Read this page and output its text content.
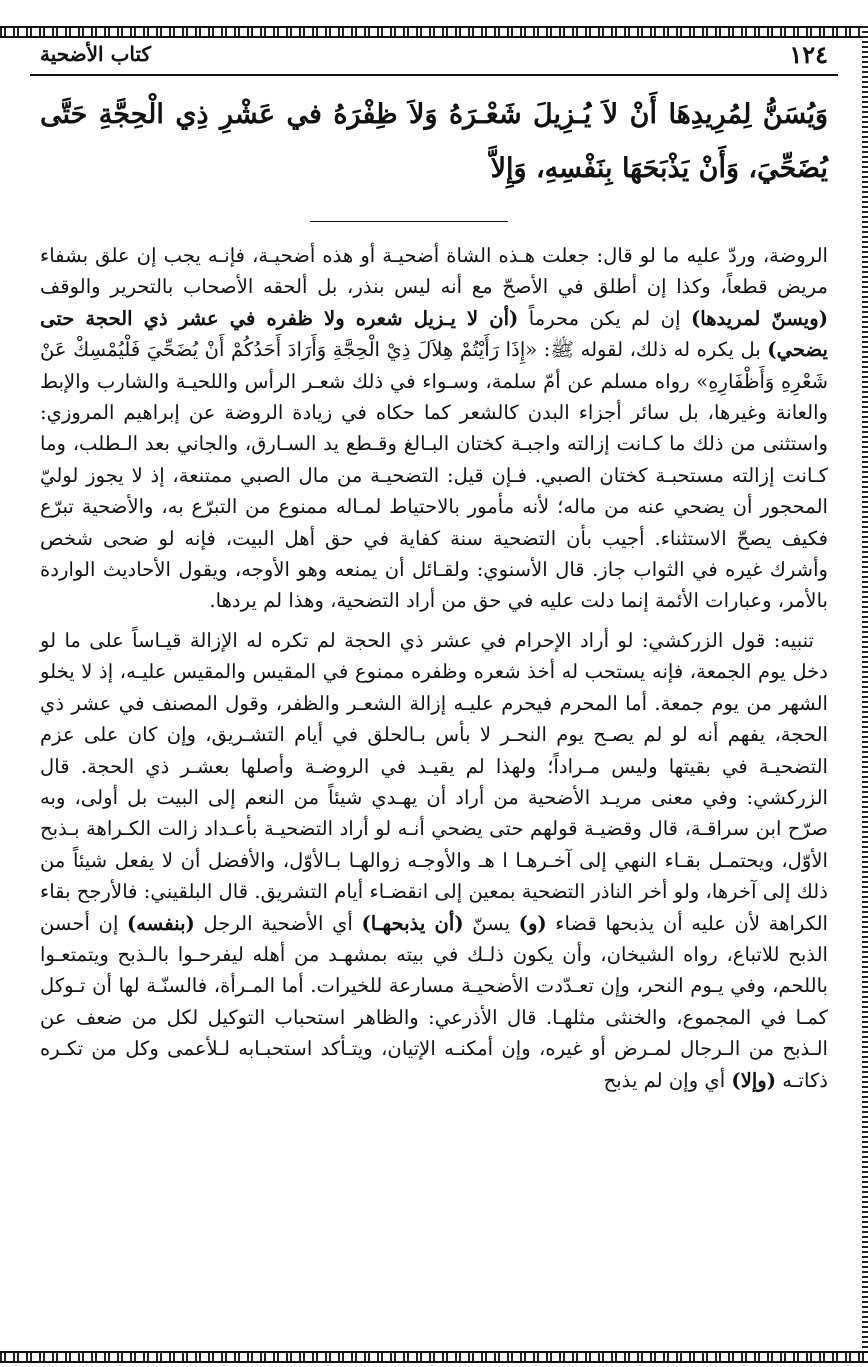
١٢٤
كتاب الأضحية
وَيُسَنُّ لِمُرِيدِهَا أَنْ لاَ يُـزِيلَ شَعْـرَهُ وَلاَ ظِفْرَهُ في عَشْرِ ذِي الْحِجَّةِ حَتَّى يُضَحِّيَ، وَأَنْ يَذْبَحَهَا بِنَفْسِهِ، وَإِلاَّ

الروضة، وردّ عليه ما لو قال: جعلت هـذه الشاة أضحيـة أو هذه أضحيـة، فإنـه يجب إن علق بشفاء مريض قطعاً، وكذا إن أطلق في الأصحّ مع أنه ليس بنذر، بل ألحقه الأصحاب بالتحرير والوقف (ويسنّ لمريدها) إن لم يكن محرماً (أن لا يـزيل شعره ولا ظفره في عشر ذي الحجة حتى يضحي) بل يكره له ذلك، لقوله ﷺ: «إِذَا رَأَيْتُمْ هِلاَلَ ذِيْ الْحِجَّةِ وَأَرَادَ أَحَدُكُمْ أَنْ يُضَحِّيَ فَلْيُمْسِكْ عَنْ شَعْرِهِ وَأَظْفَارِهِ» رواه مسلم عن أمّ سلمة، وسـواء في ذلك شعـر الرأس واللحيـة والشارب والإبط والعانة وغيرها، بل سائر أجزاء البدن كالشعر كما حكاه في زيادة الروضة عن إبراهيم المروزي: واستثنى من ذلك ما كـانت إزالته واجبـة كختان البـالغ وقـطع يد السـارق، والجاني بعد الـطلب، وما كـانت إزالته مستحبـة كختان الصبي. فـإن قيل: التضحيـة من مال الصبي ممتنعة، إذ لا يجوز لوليّ المحجور أن يضحي عنه من ماله؛ لأنه مأمور بالاحتياط لمـاله ممنوع من التبرّع به، والأضحية تبرّع فكيف يصحّ الاستثناء. أجيب بأن التضحية سنة كفاية في حق أهل البيت، فإنه لو ضحى شخص وأشرك غيره في الثواب جاز. قال الأسنوي: ولقـائل أن يمنعه وهو الأوجه، ويقول الأحاديث الواردة بالأمر، وعبارات الأئمة إنما دلت عليه في حق من أراد التضحية، وهذا لم يردها.

تنبيه: قول الزركشي: لو أراد الإحرام في عشر ذي الحجة لم تكره له الإزالة قيـاساً على ما لو دخل يوم الجمعة، فإنه يستحب له أخذ شعره وظفره ممنوع في المقيس والمقيس عليـه، إذ لا يخلو الشهر من يوم جمعة. أما المحرم فيحرم عليـه إزالة الشعـر والظفر، وقول المصنف في عشر ذي الحجة، يفهم أنه لو لم يصـح يوم النحـر لا بأس بـالحلق في أيام التشـريق، وإن كان على عزم التضحيـة في بقيتها وليس مـراداً؛ ولهذا لم يقيـد في الروضـة وأصلها بعشـر ذي الحجة. قال الزركشي: وفي معنى مريـد الأضحية من أراد أن يهـدي شيئاً من النعم إلى البيت بل أولى، وبه صرّح ابن سراقـة، قال وقضيـة قولهم حتى يضحي أنـه لو أراد التضحيـة بأعـداد زالت الكـراهة بـذبح الأوّل، ويحتمـل بقـاء النهي إلى آخـرهـا ا هـ والأوجـه زوالهـا بـالأوّل، والأفضل أن لا يفعل شيئاً من ذلك إلى آخرها، ولو أخر الناذر التضحية بمعين إلى انقضـاء أيام التشريق. قال البلقيني: فالأرجح بقاء الكراهة لأن عليه أن يذبحها قضاء (و) يسنّ (أن يذبحهـا) أي الأضحية الرجل (بنفسه) إن أحسن الذبح للاتباع، رواه الشيخان، وأن يكون ذلـك في بيته بمشهـد من أهله ليفرحـوا بالـذبح ويتمتعـوا باللحم، وفي يـوم النحر، وإن تعـدّدت الأضحيـة مسارعة للخيرات. أما المـرأة، فالسنّـة لها أن تـوكل كمـا في المجموع، والخنثى مثلهـا. قال الأذرعي: والظاهر استحباب التوكيل لكل من ضعف عن الـذبح من الـرجال لمـرض أو غيره، وإن أمكنـه الإتيان، ويتـأكد استحبـابه لـلأعمى وكل من تكـره ذكاتـه (وإلا) أي وإن لم يذبح
